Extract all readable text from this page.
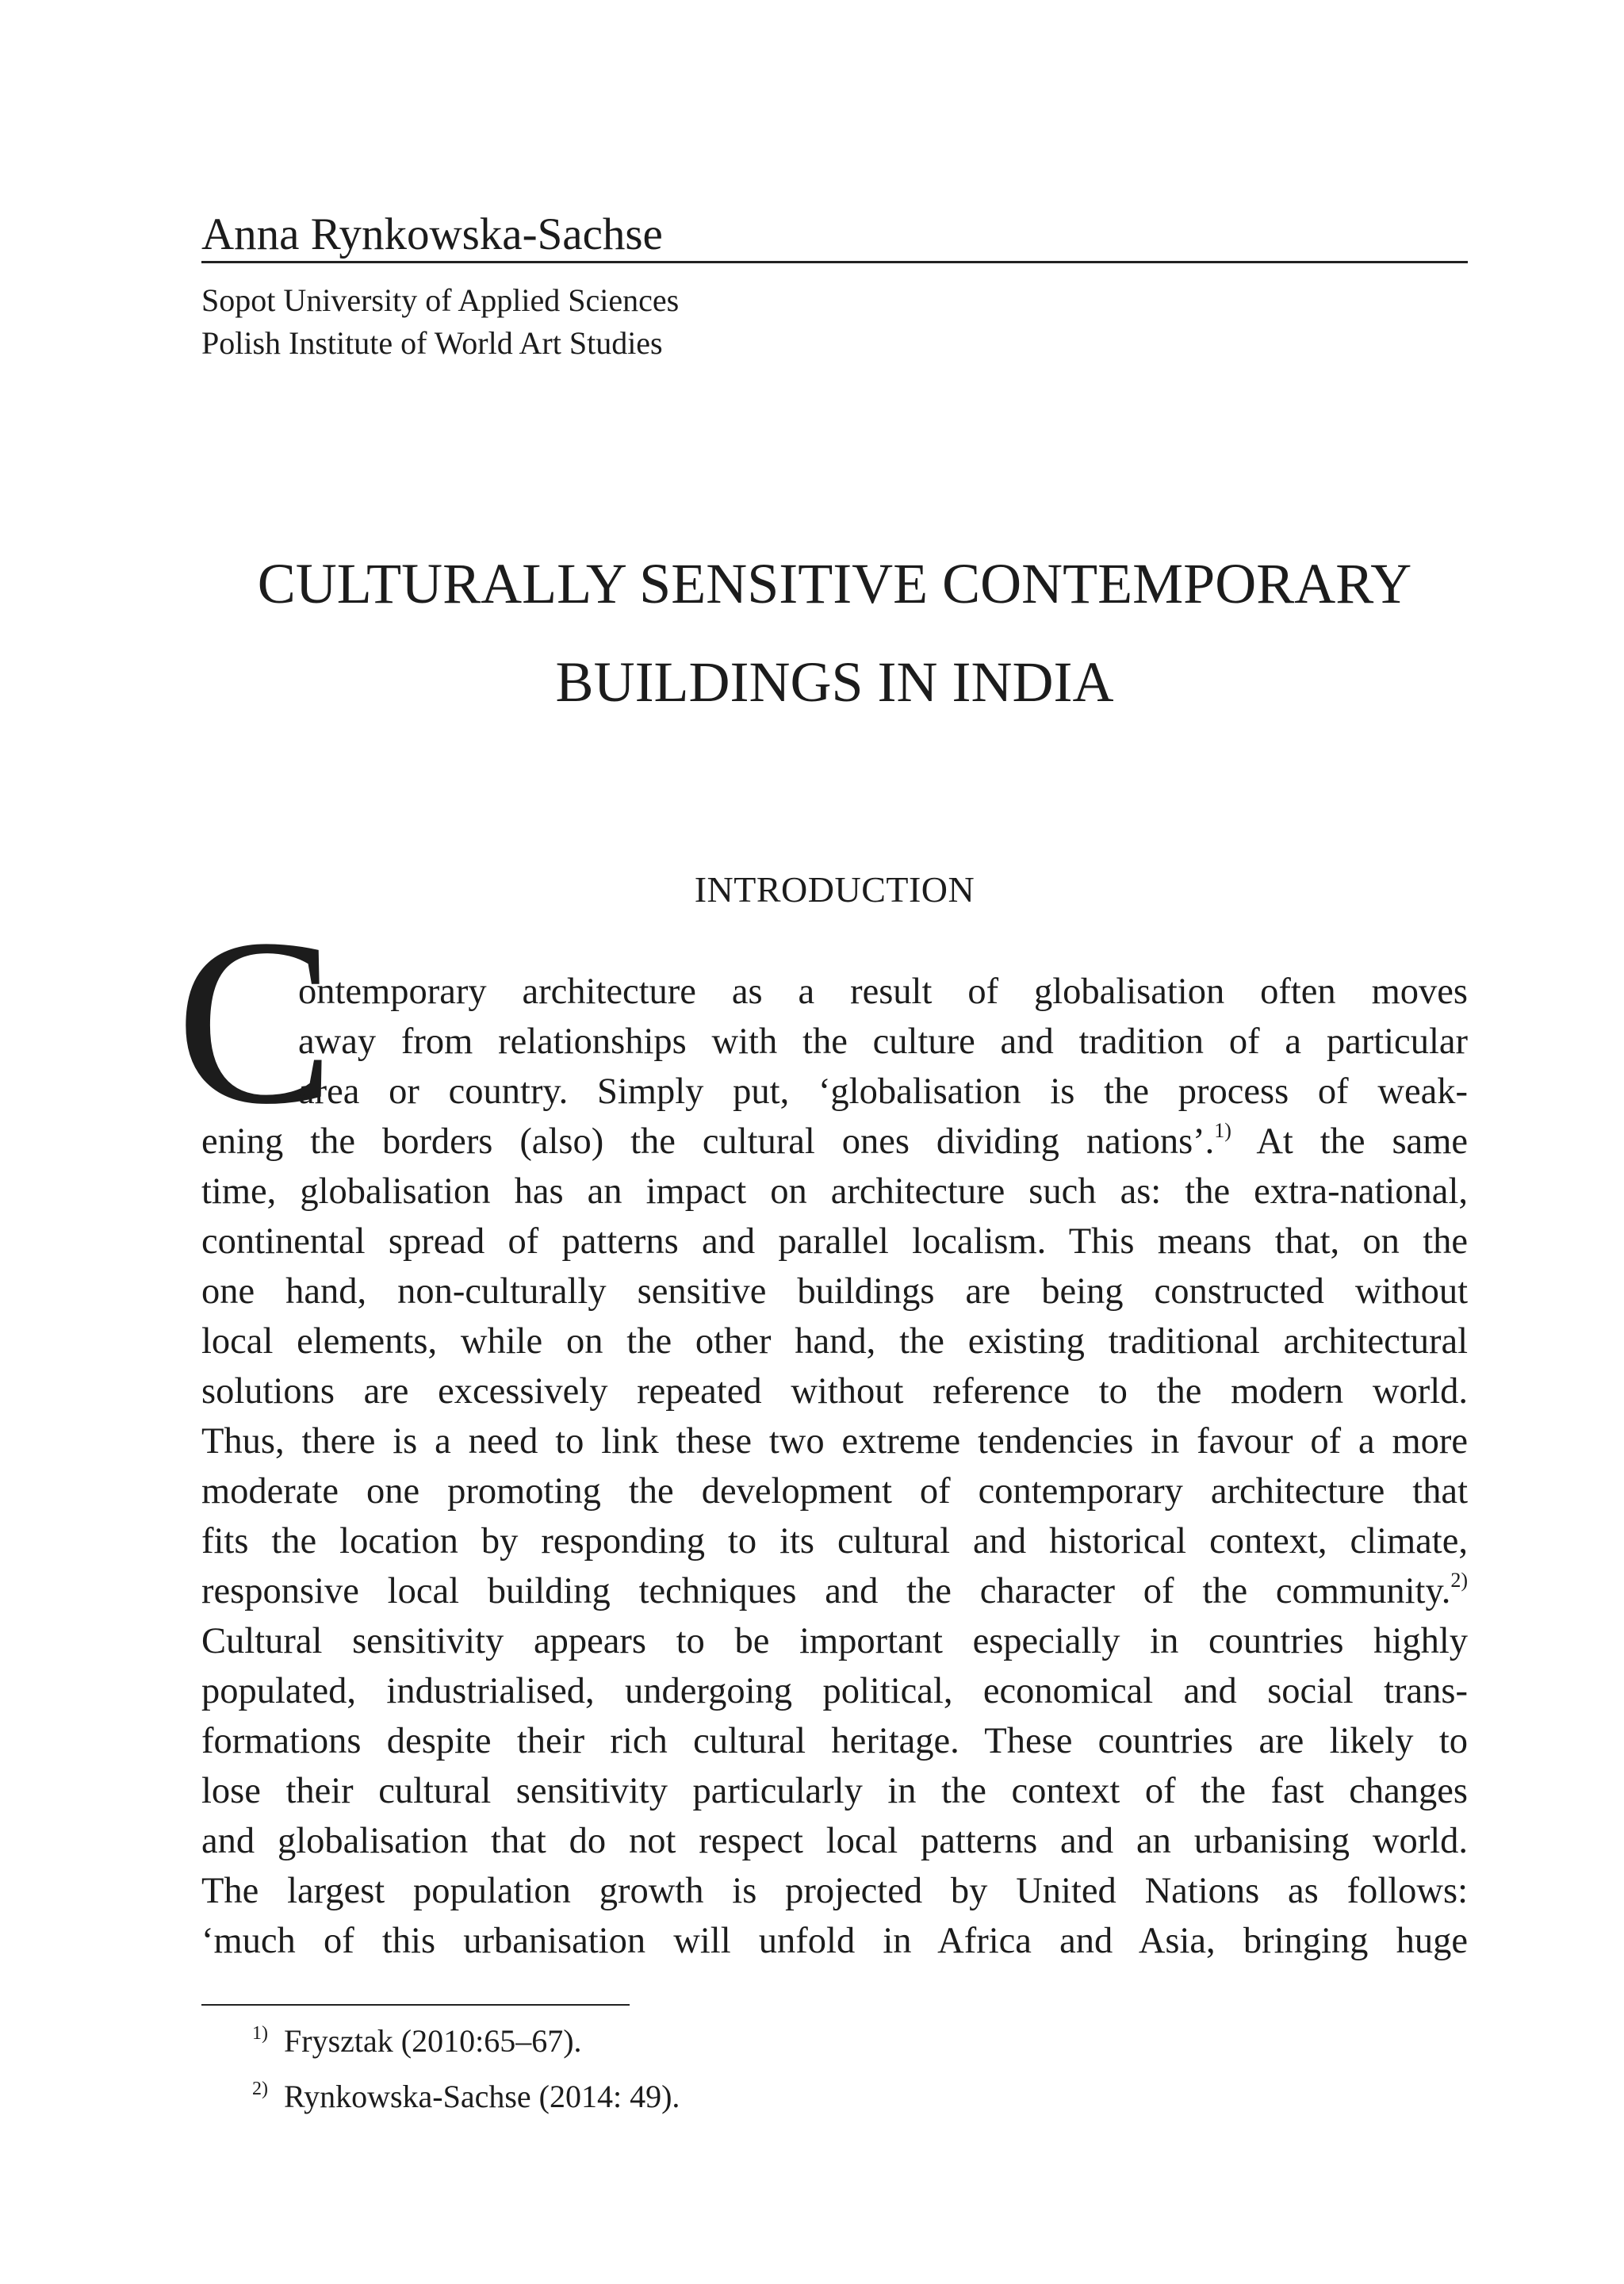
Anna Rynkowska-Sachse
Sopot University of Applied Sciences
Polish Institute of World Art Studies
CULTURALLY SENSITIVE CONTEMPORARY
BUILDINGS IN INDIA
INTRODUCTION
C
ontemporary architecture as a result of globalisation often moves
away from relationships with the culture and tradition of a particular
area or country. Simply put, ‘globalisation is the process of weak-
ening the borders (also) the cultural ones dividing nations’.$^{1)}$ At the same
time, globalisation has an impact on architecture such as: the extra-national,
continental spread of patterns and parallel localism. This means that, on the
one hand, non-culturally sensitive buildings are being constructed without
local elements, while on the other hand, the existing traditional architectural
solutions are excessively repeated without reference to the modern world.
Thus, there is a need to link these two extreme tendencies in favour of a more
moderate one promoting the development of contemporary architecture that
fits the location by responding to its cultural and historical context, climate,
responsive local building techniques and the character of the community.$^{2)}$
Cultural sensitivity appears to be important especially in countries highly
populated, industrialised, undergoing political, economical and social trans-
formations despite their rich cultural heritage. These countries are likely to
lose their cultural sensitivity particularly in the context of the fast changes
and globalisation that do not respect local patterns and an urbanising world.
The largest population growth is projected by United Nations as follows:
‘much of this urbanisation will unfold in Africa and Asia, bringing huge
$^{1)}$ Frysztak (2010:65–67).
$^{2)}$ Rynkowska-Sachse (2014: 49).
